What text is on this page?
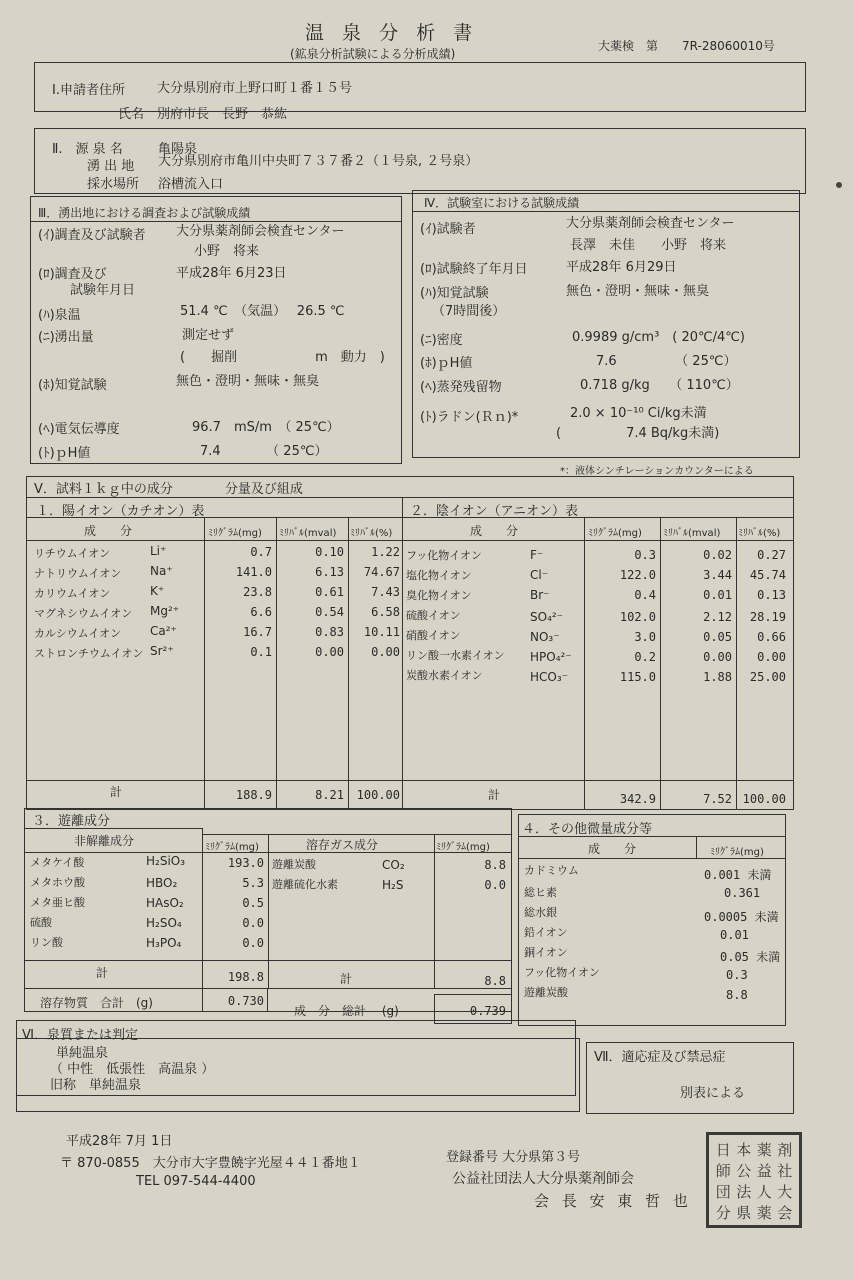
温 泉 分 析 書
(鉱泉分析試験による分析成績)
大薬検　第　　7R-28060010号
Ⅰ.申請者住所 大分県別府市上野口町１番１５号
氏名 別府市長　長野　恭紘
Ⅱ.　源 泉 名	亀陽泉
湧 出 地 大分県別府市亀川中央町７３７番２（１号泉, ２号泉）
採水場所 浴槽流入口
Ⅲ．湧出地における調査および試験成績
(ｲ)調査及び試験者 大分県薬剤師会検査センター
小野　将来
(ﾛ)調査及び
試験年月日
平成28年 6月23日
(ﾊ)泉温	51.4 ℃　（気温）　 26.5 ℃
(ﾆ)湧出量	測定せず
(　　掘削　　　　　　m　動力　)
(ﾎ)知覚試験	無色・澄明・無味・無臭
(ﾍ)電気伝導度	96.7　mS/m　（ 25℃）
(ﾄ)ｐH値	7.4　　　　（ 25℃）
Ⅳ．試験室における試験成績
(ｲ)試験者	大分県薬剤師会検査センター
長澤　未佳　　小野　将来
(ﾛ)試験終了年月日	平成28年 6月29日
(ﾊ)知覚試験
（7時間後）
無色・澄明・無味・無臭
(ﾆ)密度	0.9989 g/cm³　( 20℃/4℃)
(ﾎ)ｐH値	7.6　　　　　（ 25℃）
(ﾍ)蒸発残留物	0.718 g/kg　　（ 110℃）
(ﾄ)ラドン(Ｒｎ)*	2.0 × 10⁻¹⁰ Ci/kg未満
(　　　　　7.4 Bq/kg未満)
*：液体シンチレーションカウンターによる
Ⅴ．試料１ｋｇ中の成分　　　　分量及び組成
１．陽イオン（カチオン）表	２．陰イオン（アニオン）表
成　　分	ﾐﾘｸﾞﾗﾑ(mg) ﾐﾘﾊﾞﾙ(mval) ﾐﾘﾊﾞﾙ(%)	成　　分	ﾐﾘｸﾞﾗﾑ(mg) ﾐﾘﾊﾞﾙ(mval) ﾐﾘﾊﾞﾙ(%)
リチウムイオン	Li⁺	0.7	0.10	1.22
ナトリウムイオン Na⁺	141.0	6.13	74.67
カリウムイオン	K⁺	23.8	0.61	7.43
マグネシウムイオン Mg²⁺	6.6	0.54	6.58
カルシウムイオン Ca²⁺	16.7	0.83	10.11
ストロンチウムイオン Sr²⁺	0.1	0.00	0.00
計	188.9	8.21	100.00
フッ化物イオン	F⁻	0.3	0.02	0.27
塩化物イオン	Cl⁻	122.0	3.44	45.74
臭化物イオン	Br⁻	0.4	0.01	0.13
硫酸イオン	SO₄²⁻	102.0	2.12	28.19
硝酸イオン	NO₃⁻	3.0	0.05	0.66
リン酸一水素イオン HPO₄²⁻	0.2	0.00	0.00
炭酸水素イオン	HCO₃⁻	115.0	1.88	25.00
計	342.9	7.52 100.00
３．遊離成分
非解離成分	ﾐﾘｸﾞﾗﾑ(mg)	溶存ガス成分	ﾐﾘｸﾞﾗﾑ(mg)
メタケイ酸	H₂SiO₃	193.0
メタホウ酸	HBO₂	5.3
メタ亜ヒ酸	HAsO₂	0.5
硫酸	H₂SO₄	0.0
リン酸	H₃PO₄	0.0
遊離炭酸	CO₂	8.8
遊離硫化水素	H₂S	0.0
計	198.8	計	8.8
溶存物質　合計　(g)	0.730
成　分　総計　 (g)	0.739
４．その他微量成分等
成　　分	ﾐﾘｸﾞﾗﾑ(mg)
カドミウム	0.001 未満
総ヒ素	0.361
総水銀	0.0005 未満
鉛イオン	0.01
銅イオン	0.05 未満
フッ化物イオン	0.3
遊離炭酸	8.8
Ⅵ．泉質または判定
単純温泉
（ 中性　低張性　高温泉 ）
旧称　単純温泉
Ⅶ．適応症及び禁忌症
別表による
平成28年 7月 1日
〒 870-0855　大分市大字豊饒字光屋４４１番地１
TEL 097-544-4400
登録番号 大分県第３号
公益社団法人大分県薬剤師会
会 長 安 東 哲 也
日 本 薬 剤
師 公 益 社
団 法 人 大
分 県 薬 会
